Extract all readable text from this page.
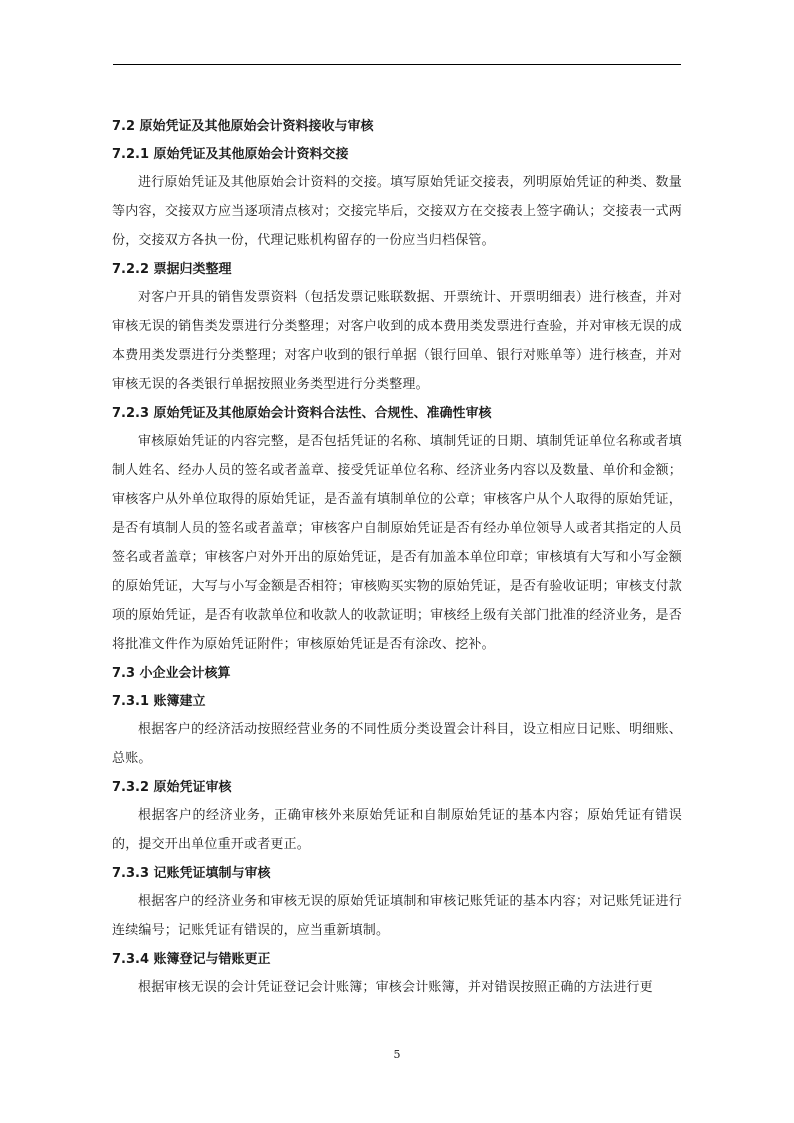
7.2 原始凭证及其他原始会计资料接收与审核
7.2.1 原始凭证及其他原始会计资料交接

进行原始凭证及其他原始会计资料的交接。填写原始凭证交接表，列明原始凭证的种类、数量等内容，交接双方应当逐项清点核对；交接完毕后，交接双方在交接表上签字确认；交接表一式两份，交接双方各执一份，代理记账机构留存的一份应当归档保管。

7.2.2 票据归类整理

对客户开具的销售发票资料（包括发票记账联数据、开票统计、开票明细表）进行核查，并对审核无误的销售类发票进行分类整理；对客户收到的成本费用类发票进行查验，并对审核无误的成本费用类发票进行分类整理；对客户收到的银行单据（银行回单、银行对账单等）进行核查，并对审核无误的各类银行单据按照业务类型进行分类整理。

7.2.3 原始凭证及其他原始会计资料合法性、合规性、准确性审核

审核原始凭证的内容完整，是否包括凭证的名称、填制凭证的日期、填制凭证单位名称或者填制人姓名、经办人员的签名或者盖章、接受凭证单位名称、经济业务内容以及数量、单价和金额；审核客户从外单位取得的原始凭证，是否盖有填制单位的公章；审核客户从个人取得的原始凭证，是否有填制人员的签名或者盖章；审核客户自制原始凭证是否有经办单位领导人或者其指定的人员签名或者盖章；审核客户对外开出的原始凭证，是否有加盖本单位印章；审核填有大写和小写金额的原始凭证，大写与小写金额是否相符；审核购买实物的原始凭证，是否有验收证明；审核支付款项的原始凭证，是否有收款单位和收款人的收款证明；审核经上级有关部门批准的经济业务，是否将批准文件作为原始凭证附件；审核原始凭证是否有涂改、挖补。

7.3 小企业会计核算
7.3.1 账簿建立

根据客户的经济活动按照经营业务的不同性质分类设置会计科目，设立相应日记账、明细账、总账。

7.3.2 原始凭证审核

根据客户的经济业务，正确审核外来原始凭证和自制原始凭证的基本内容；原始凭证有错误的，提交开出单位重开或者更正。

7.3.3 记账凭证填制与审核

根据客户的经济业务和审核无误的原始凭证填制和审核记账凭证的基本内容；对记账凭证进行连续编号；记账凭证有错误的，应当重新填制。

7.3.4 账簿登记与错账更正

根据审核无误的会计凭证登记会计账簿；审核会计账簿，并对错误按照正确的方法进行更

5
